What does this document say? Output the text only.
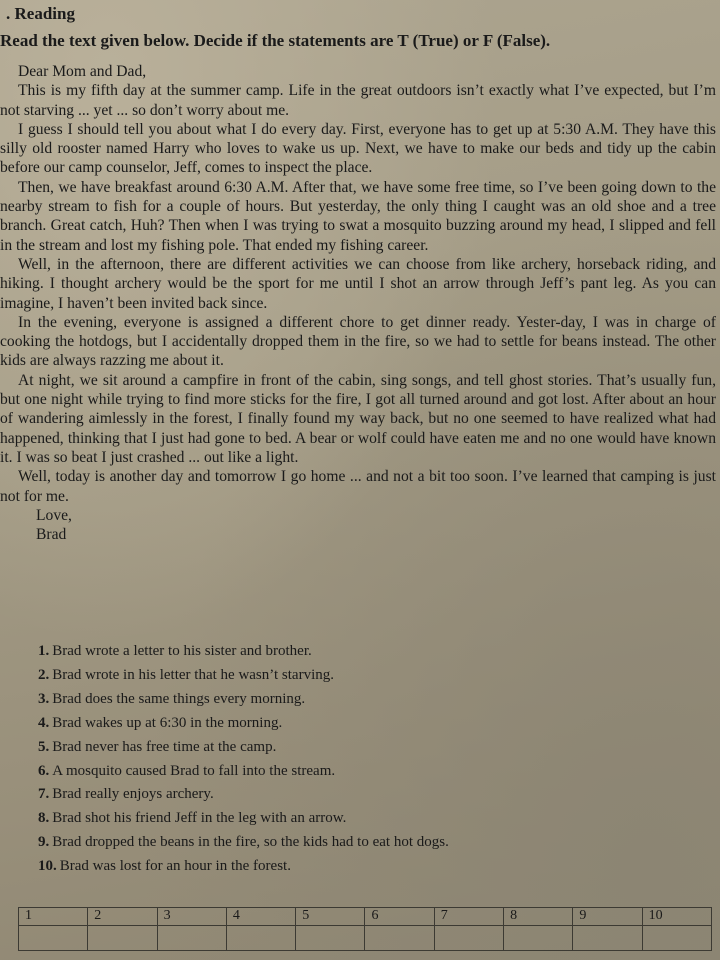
. Reading
Read the text given below. Decide if the statements are T (True) or F (False).

Dear Mom and Dad,

This is my fifth day at the summer camp. Life in the great outdoors isn’t exactly what I’ve expected, but I’m not starving ... yet ... so don’t worry about me.

I guess I should tell you about what I do every day. First, everyone has to get up at 5:30 A.M. They have this silly old rooster named Harry who loves to wake us up. Next, we have to make our beds and tidy up the cabin before our camp counselor, Jeff, comes to inspect the place.

Then, we have breakfast around 6:30 A.M. After that, we have some free time, so I’ve been going down to the nearby stream to fish for a couple of hours. But yesterday, the only thing I caught was an old shoe and a tree branch. Great catch, Huh? Then when I was trying to swat a mosquito buzzing around my head, I slipped and fell in the stream and lost my fishing pole. That ended my fishing career.

Well, in the afternoon, there are different activities we can choose from like archery, horseback riding, and hiking. I thought archery would be the sport for me until I shot an arrow through Jeff’s pant leg. As you can imagine, I haven’t been invited back since.

In the evening, everyone is assigned a different chore to get dinner ready. Yester-day, I was in charge of cooking the hotdogs, but I accidentally dropped them in the fire, so we had to settle for beans instead. The other kids are always razzing me about it.

At night, we sit around a campfire in front of the cabin, sing songs, and tell ghost stories. That’s usually fun, but one night while trying to find more sticks for the fire, I got all turned around and got lost. After about an hour of wandering aimlessly in the forest, I finally found my way back, but no one seemed to have realized what had happened, thinking that I just had gone to bed. A bear or wolf could have eaten me and no one would have known it. I was so beat I just crashed ... out like a light.

Well, today is another day and tomorrow I go home ... and not a bit too soon. I’ve learned that camping is just not for me.

Love,

Brad

1. Brad wrote a letter to his sister and brother.
2. Brad wrote in his letter that he wasn’t starving.
3. Brad does the same things every morning.
4. Brad wakes up at 6:30 in the morning.
5. Brad never has free time at the camp.
6. A mosquito caused Brad to fall into the stream.
7. Brad really enjoys archery.
8. Brad shot his friend Jeff in the leg with an arrow.
9. Brad dropped the beans in the fire, so the kids had to eat hot dogs.
10. Brad was lost for an hour in the forest.
1	2	3	4	5	6	7	8	9	10
